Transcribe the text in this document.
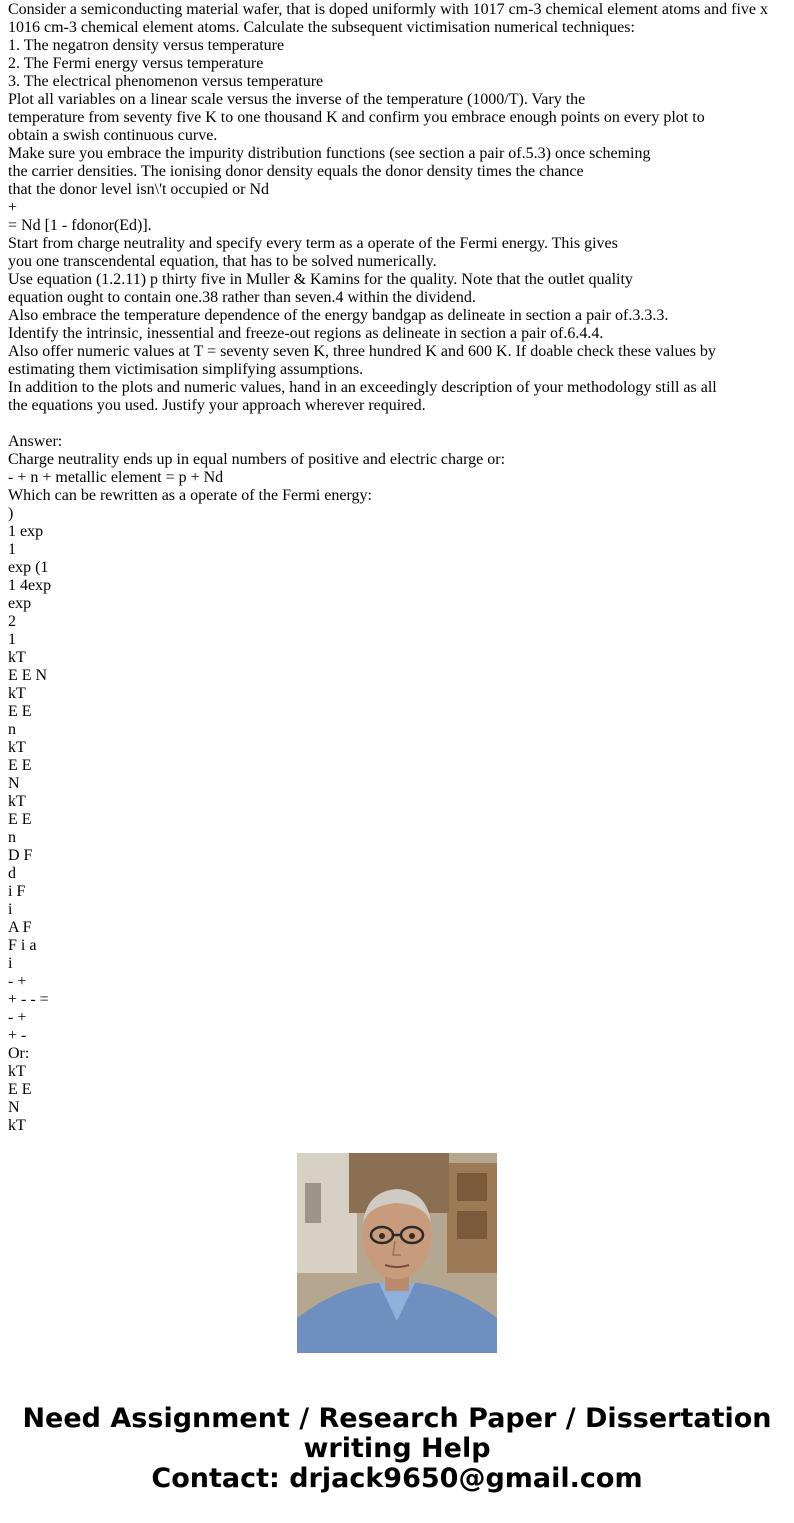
Consider a semiconducting material wafer, that is doped uniformly with 1017 cm-3 chemical element atoms and five x
1016 cm-3 chemical element atoms. Calculate the subsequent victimisation numerical techniques:
1. The negatron density versus temperature
2. The Fermi energy versus temperature
3. The electrical phenomenon versus temperature
Plot all variables on a linear scale versus the inverse of the temperature (1000/T). Vary the
temperature from seventy five K to one thousand K and confirm you embrace enough points on every plot to
obtain a swish continuous curve.
Make sure you embrace the impurity distribution functions (see section a pair of.5.3) once scheming
the carrier densities. The ionising donor density equals the donor density times the chance
that the donor level isn\'t occupied or Nd
+
= Nd [1 - fdonor(Ed)].
Start from charge neutrality and specify every term as a operate of the Fermi energy. This gives
you one transcendental equation, that has to be solved numerically.
Use equation (1.2.11) p thirty five in Muller & Kamins for the quality. Note that the outlet quality
equation ought to contain one.38 rather than seven.4 within the dividend.
Also embrace the temperature dependence of the energy bandgap as delineate in section a pair of.3.3.3.
Identify the intrinsic, inessential and freeze-out regions as delineate in section a pair of.6.4.4.
Also offer numeric values at T = seventy seven K, three hundred K and 600 K. If doable check these values by
estimating them victimisation simplifying assumptions.
In addition to the plots and numeric values, hand in an exceedingly description of your methodology still as all
the equations you used. Justify your approach wherever required.
Answer:
Charge neutrality ends up in equal numbers of positive and electric charge or:
- + n + metallic element = p + Nd
Which can be rewritten as a operate of the Fermi energy:
)
1 exp
1
exp (1
1 4exp
exp
2
1
kT
E E N
kT
E E
n
kT
E E
N
kT
E E
n
D F
d
i F
i
A F
F i a
i
- +
+ - - =
- +
+ -
Or:
kT
E E
N
kT
Need Assignment / Research Paper / Dissertation
writing Help
Contact: drjack9650@gmail.com
